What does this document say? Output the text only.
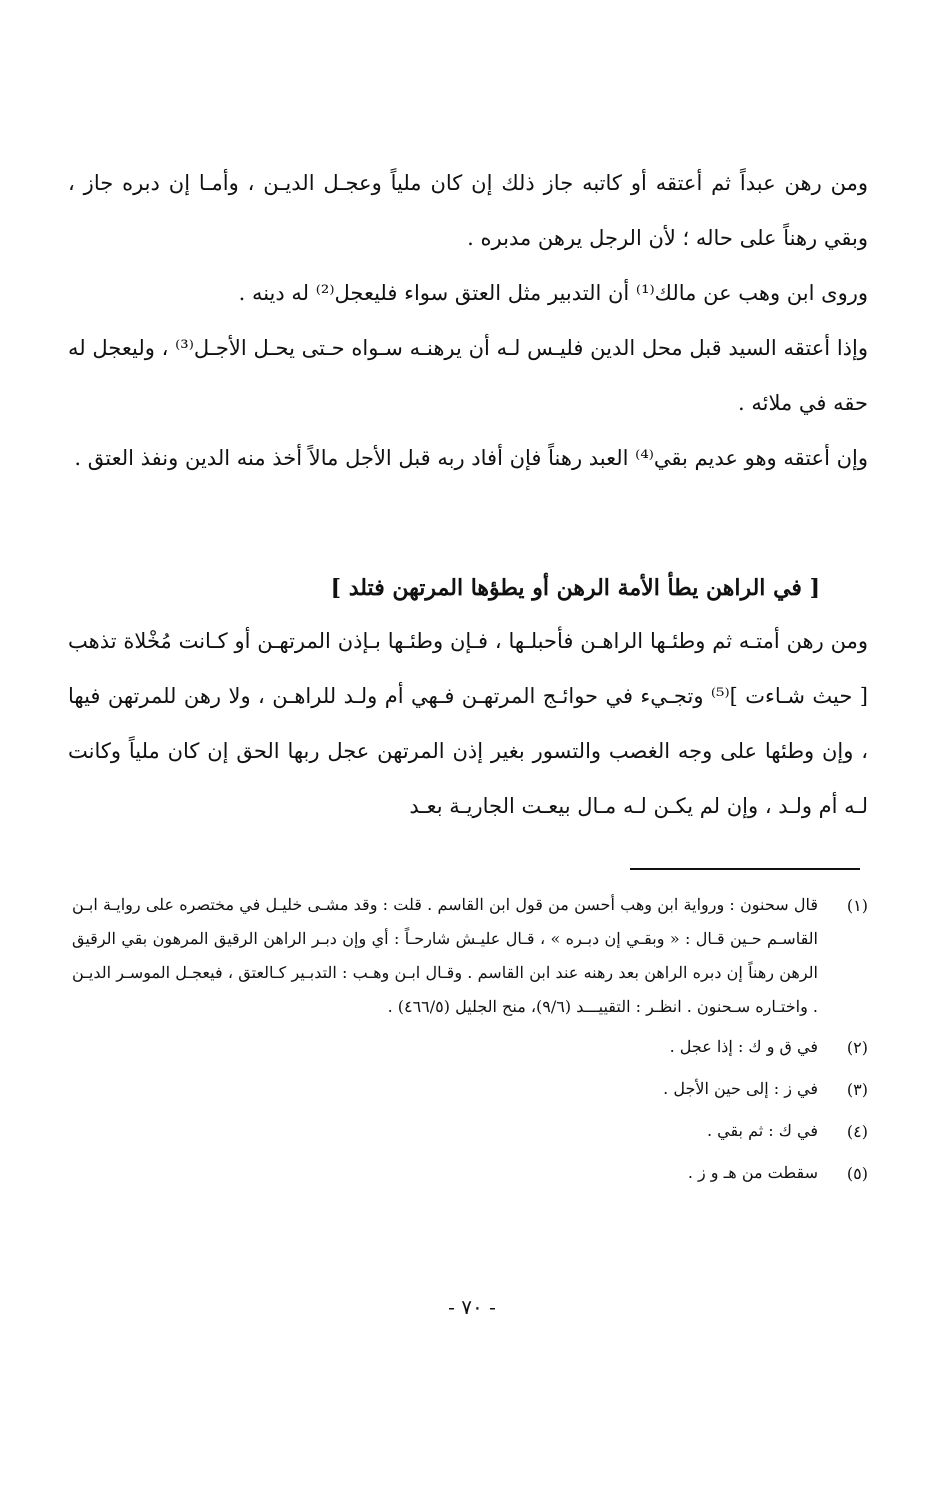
ومن رهن عبداً ثم أعتقه أو كاتبه جاز ذلك إن كان ملياً وعجـل الديـن ، وأمـا إن دبره جاز ، وبقي رهناً على حاله ؛ لأن الرجل يرهن مدبره .

وروى ابن وهب عن مالك⁽¹⁾ أن التدبير مثل العتق سواء فليعجل⁽²⁾ له دينه .

وإذا أعتقه السيد قبل محل الدين فليـس لـه أن يرهنـه سـواه حـتى يحـل الأجـل⁽³⁾ ، وليعجل له حقه في ملائه .

وإن أعتقه وهو عديم بقي⁽⁴⁾ العبد رهناً فإن أفاد ربه قبل الأجل مالاً أخذ منه الدين ونفذ العتق .

[ في الراهن يطأ الأمة الرهن أو يطؤها المرتهن فتلد ]

ومن رهن أمتـه ثم وطئـها الراهـن فأحبلـها ، فـإن وطئـها بـإذن المرتهـن أو كـانت مُخْلاة تذهب [ حيث شـاءت ]⁽⁵⁾ وتجـيء في حوائـج المرتهـن فـهي أم ولـد للراهـن ، ولا رهن للمرتهن فيها ، وإن وطئها على وجه الغصب والتسور بغير إذن المرتهن عجل ربها الحق إن كان ملياً وكانت لـه أم ولـد ، وإن لم يكـن لـه مـال بيعـت الجاريـة بعـد

(١)
قال سحنون : ورواية ابن وهب أحسن من قول ابن القاسم . قلت : وقد مشـى خليـل في مختصره على روايـة ابـن القاسـم حـين قـال : « وبقـي إن دبـره » ، قـال عليـش شارحـاً : أي وإن دبـر الراهن الرقيق المرهون بقي الرقيق الرهن رهناً إن دبره الراهن بعد رهنه عند ابن القاسم . وقـال ابـن وهـب : التدبـير كـالعتق ، فيعجـل الموسـر الديـن . واختـاره سـحنون . انظـر : التقييـــد (٩/٦)، منح الجليل (٤٦٦/٥) .
(٢)
في ق و ك : إذا عجل .
(٣)
في ز : إلى حين الأجل .
(٤)
في ك : ثم بقي .
(٥)
سقطت من هـ و ز .
- ٧٠ -
